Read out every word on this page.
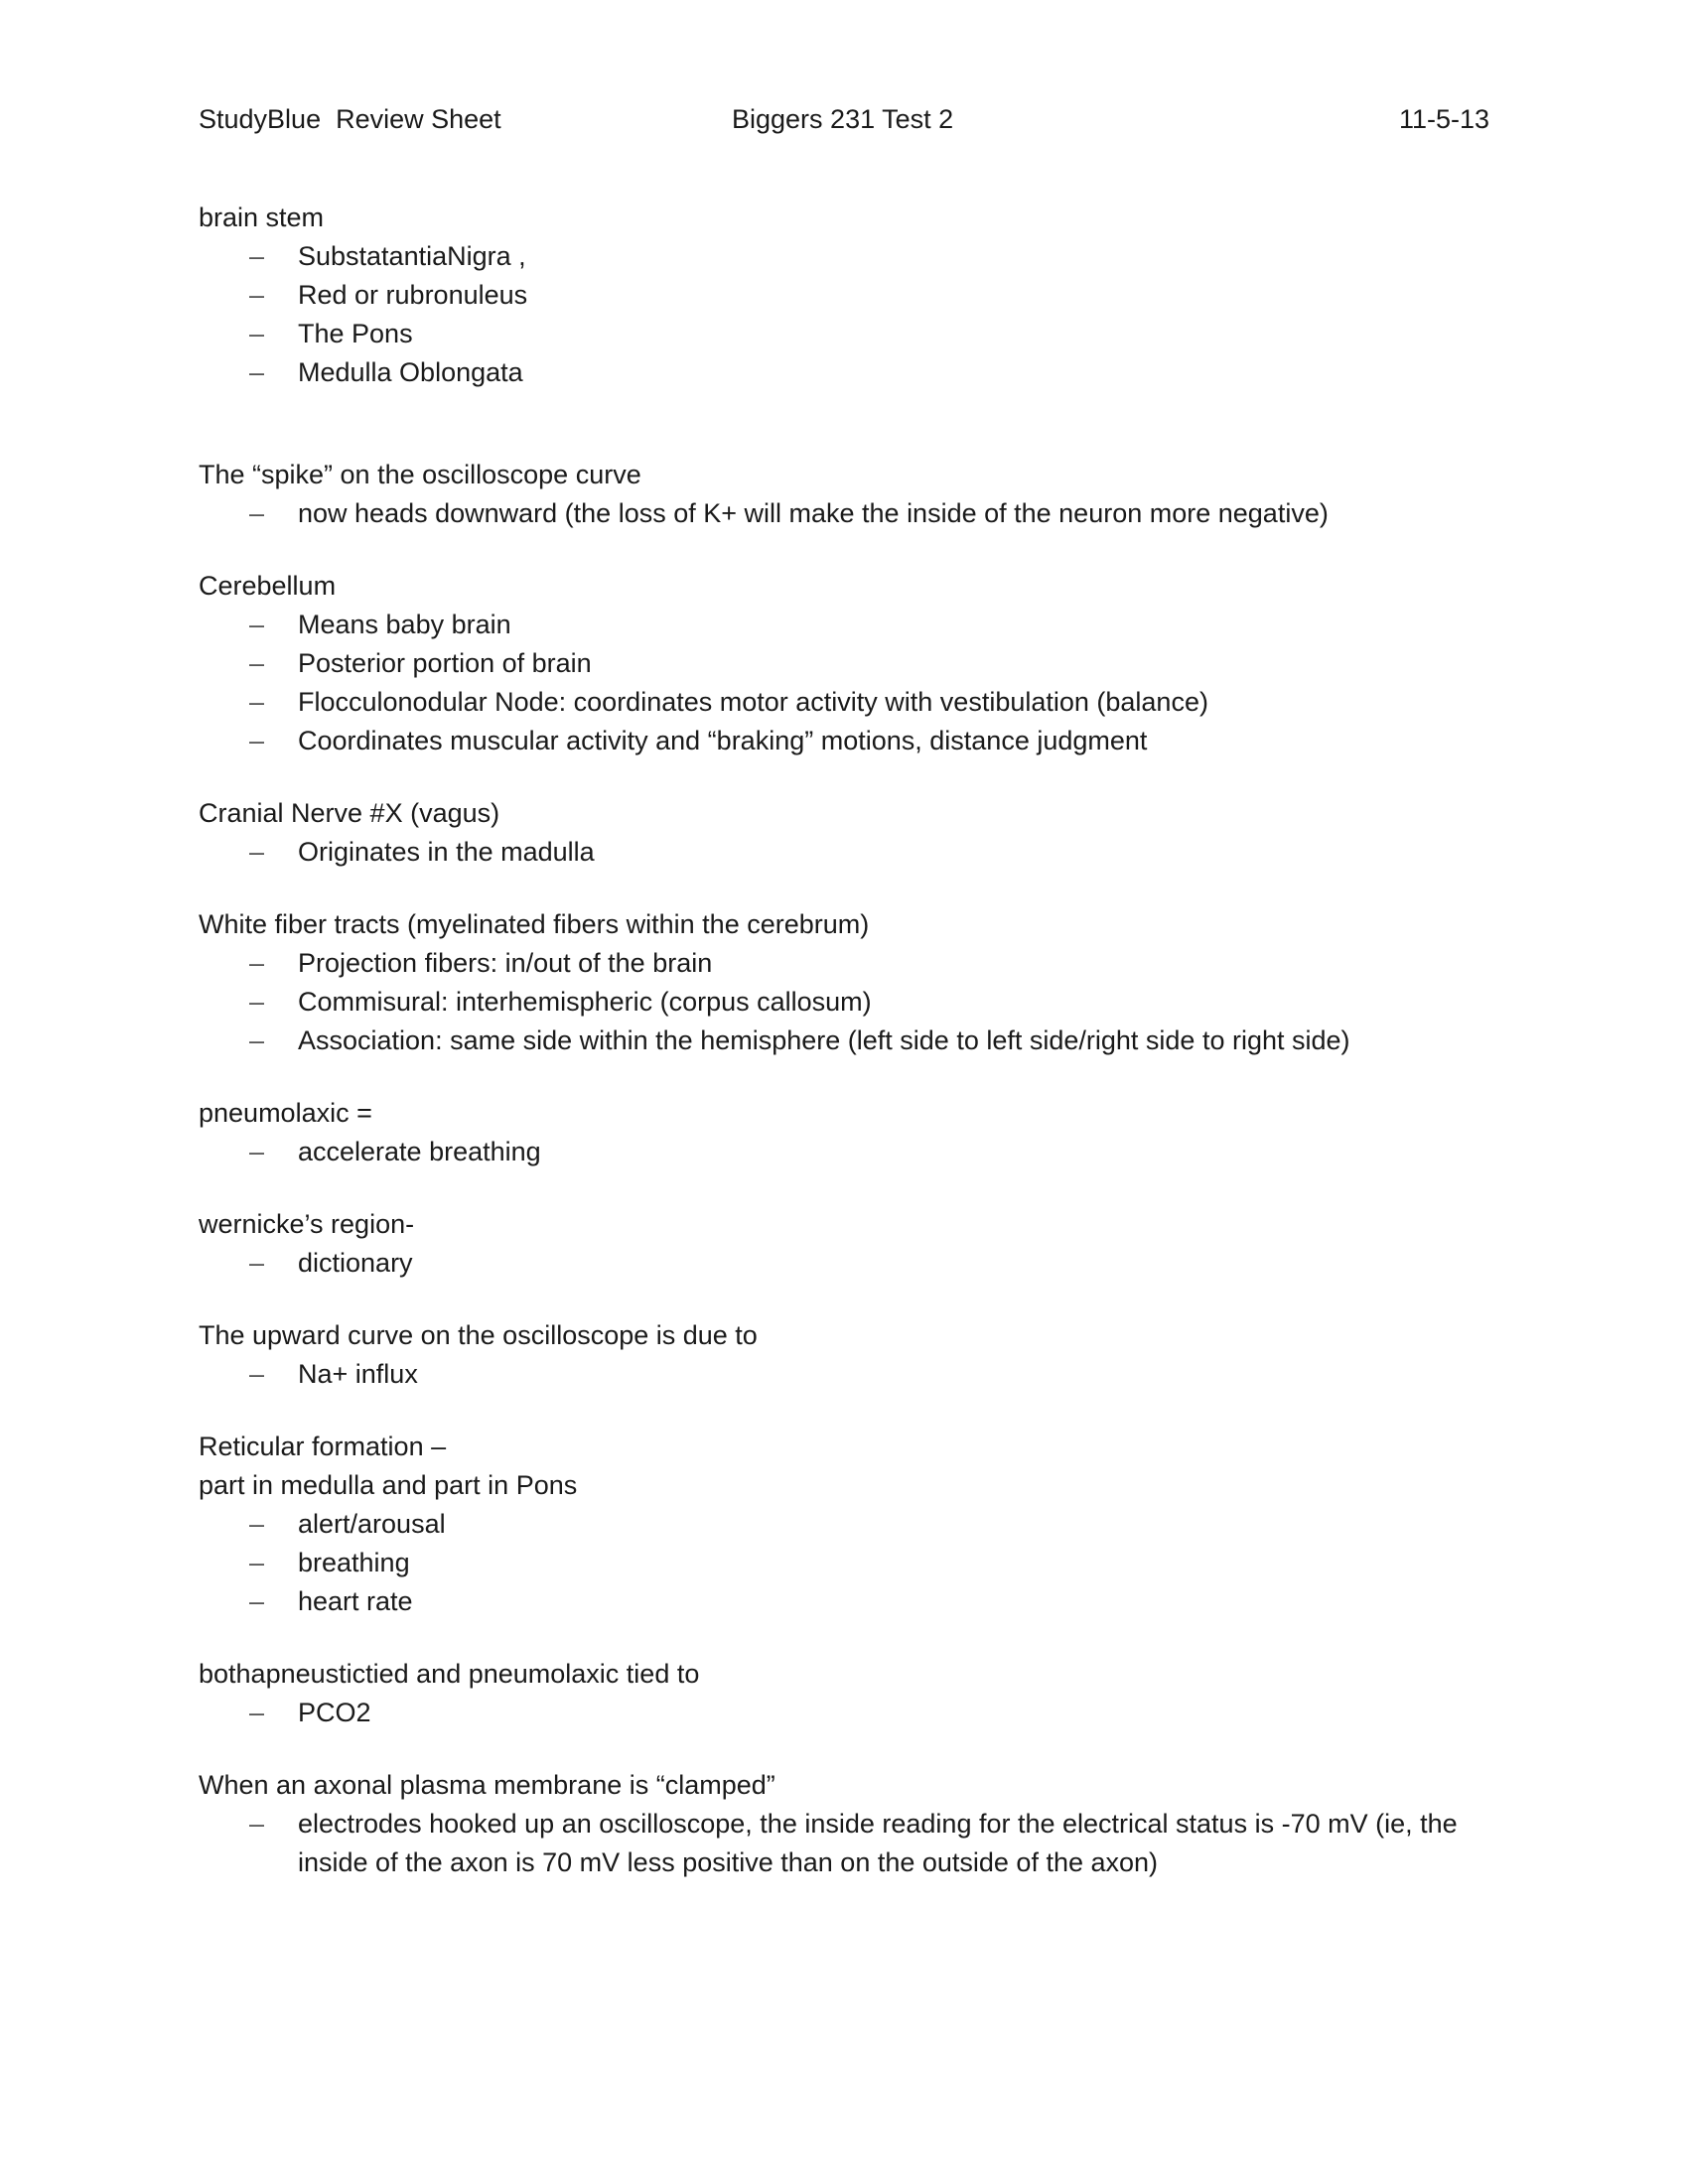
StudyBlue  Review Sheet	Biggers 231 Test 2	11-5-13
brain stem
– SubstatantiaNigra ,
– Red or rubronuleus
– The Pons
– Medulla Oblongata
The “spike” on the oscilloscope curve
– now heads downward (the loss of K+ will make the inside of the neuron more negative)
Cerebellum
– Means baby brain
– Posterior portion of brain
– Flocculonodular Node: coordinates motor activity with vestibulation (balance)
– Coordinates muscular activity and “braking” motions, distance judgment
Cranial Nerve #X (vagus)
– Originates in the madulla
White fiber tracts (myelinated fibers within the cerebrum)
– Projection fibers: in/out of the brain
– Commisural: interhemispheric (corpus callosum)
– Association: same side within the hemisphere (left side to left side/right side to right side)
pneumolaxic =
– accelerate breathing
wernicke’s region-
– dictionary
The upward curve on the oscilloscope is due to
– Na+ influx
Reticular formation –
part in medulla and part in Pons
– alert/arousal
– breathing
– heart rate
bothapneustictied and pneumolaxic tied to
– PCO2
When an axonal plasma membrane is “clamped”
– electrodes hooked up an oscilloscope, the inside reading for the electrical status is -70 mV (ie, the inside of the axon is 70 mV less positive than on the outside of the axon)
